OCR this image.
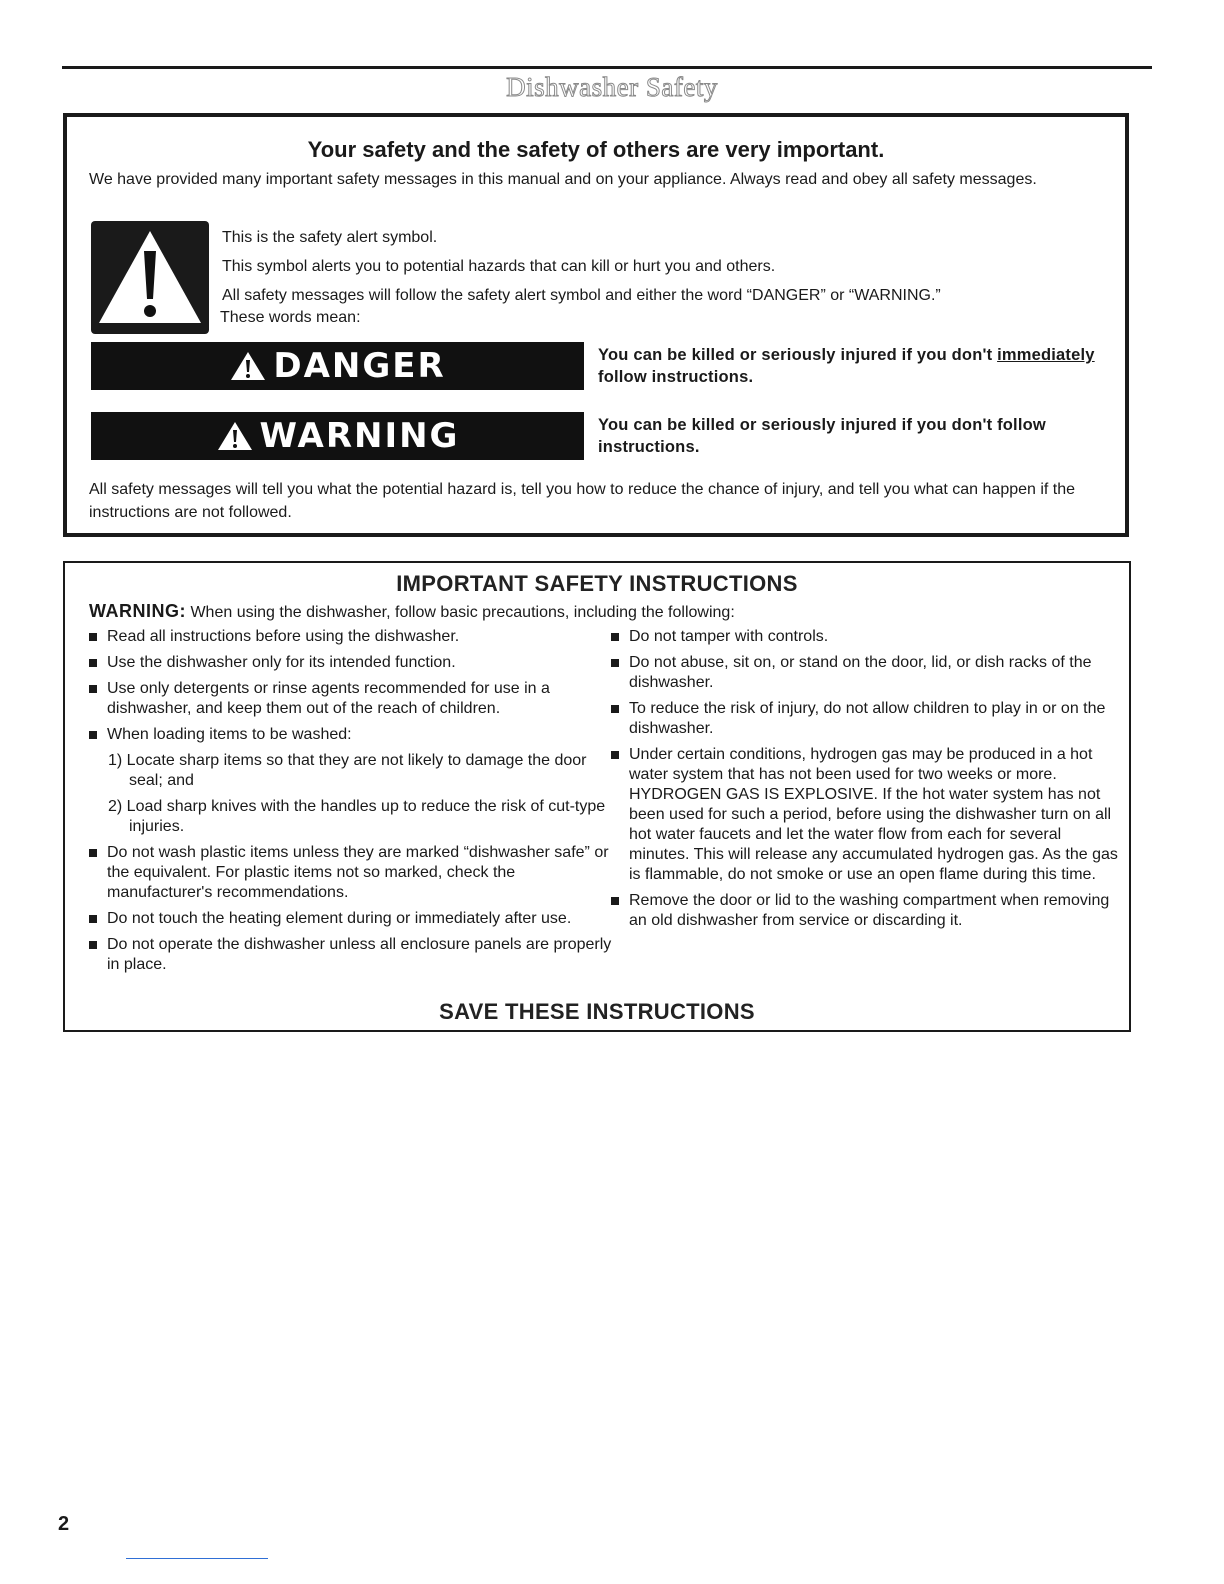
Dishwasher Safety
Your safety and the safety of others are very important.
We have provided many important safety messages in this manual and on your appliance. Always read and obey all safety messages.
This is the safety alert symbol.
This symbol alerts you to potential hazards that can kill or hurt you and others.
All safety messages will follow the safety alert symbol and either the word “DANGER” or “WARNING.”
These words mean:
DANGER	You can be killed or seriously injured if you don't immediately follow instructions.
WARNING	You can be killed or seriously injured if you don't follow instructions.
All safety messages will tell you what the potential hazard is, tell you how to reduce the chance of injury, and tell you what can happen if the instructions are not followed.
IMPORTANT SAFETY INSTRUCTIONS
WARNING: When using the dishwasher, follow basic precautions, including the following:
Read all instructions before using the dishwasher.
Use the dishwasher only for its intended function.
Use only detergents or rinse agents recommended for use in a dishwasher, and keep them out of the reach of children.
When loading items to be washed:
1) Locate sharp items so that they are not likely to damage the door seal; and
2) Load sharp knives with the handles up to reduce the risk of cut-type injuries.
Do not wash plastic items unless they are marked “dishwasher safe” or the equivalent. For plastic items not so marked, check the manufacturer's recommendations.
Do not touch the heating element during or immediately after use.
Do not operate the dishwasher unless all enclosure panels are properly in place.
Do not tamper with controls.
Do not abuse, sit on, or stand on the door, lid, or dish racks of the dishwasher.
To reduce the risk of injury, do not allow children to play in or on the dishwasher.
Under certain conditions, hydrogen gas may be produced in a hot water system that has not been used for two weeks or more. HYDROGEN GAS IS EXPLOSIVE. If the hot water system has not been used for such a period, before using the dishwasher turn on all hot water faucets and let the water flow from each for several minutes. This will release any accumulated hydrogen gas. As the gas is flammable, do not smoke or use an open flame during this time.
Remove the door or lid to the washing compartment when removing an old dishwasher from service or discarding it.
SAVE THESE INSTRUCTIONS
2
